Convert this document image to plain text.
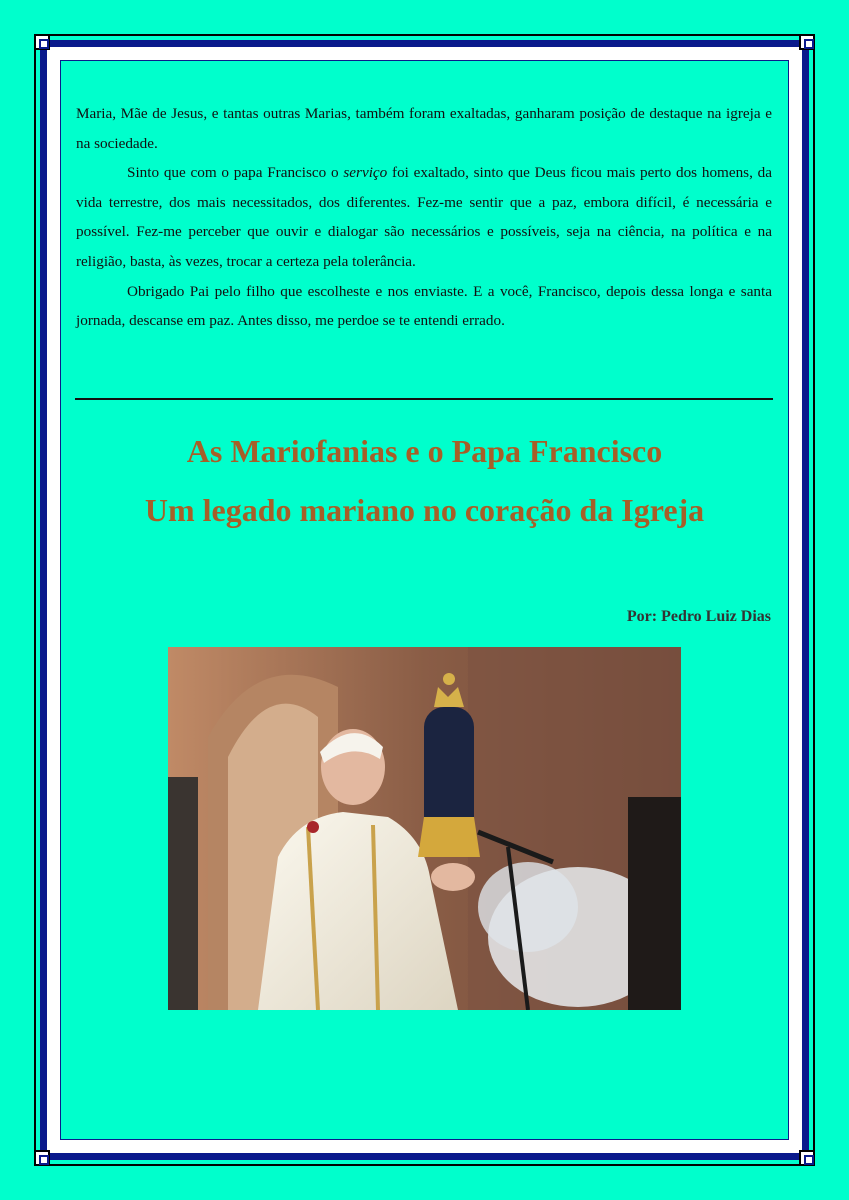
Maria, Mãe de Jesus, e tantas outras Marias, também foram exaltadas, ganharam posição de destaque na igreja e na sociedade.

Sinto que com o papa Francisco o serviço foi exaltado, sinto que Deus ficou mais perto dos homens, da vida terrestre, dos mais necessitados, dos diferentes. Fez-me sentir que a paz, embora difícil, é necessária e possível. Fez-me perceber que ouvir e dialogar são necessários e possíveis, seja na ciência, na política e na religião, basta, às vezes, trocar a certeza pela tolerância.

Obrigado Pai pelo filho que escolheste e nos enviaste. E a você, Francisco, depois dessa longa e santa jornada, descanse em paz. Antes disso, me perdoe se te entendi errado.

As Mariofanias e o Papa Francisco
Um legado mariano no coração da Igreja

Por: Pedro Luiz Dias
